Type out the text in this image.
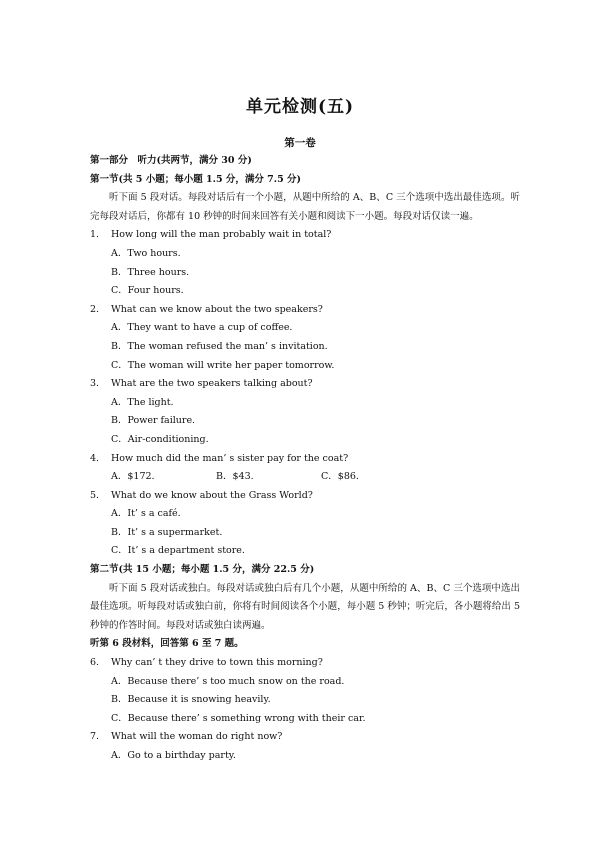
单元检测(五)
第一卷
第一部分　听力(共两节，满分 30 分)
第一节(共 5 小题；每小题 1.5 分，满分 7.5 分)
听下面 5 段对话。每段对话后有一个小题，从题中所给的 A、B、C 三个选项中选出最佳选项。听完每段对话后，你都有 10 秒钟的时间来回答有关小题和阅读下一小题。每段对话仅读一遍。
1.	How long will the man probably wait in total?
A．Two hours.
B．Three hours.
C．Four hours.
2.	What can we know about the two speakers?
A．They want to have a cup of coffee.
B．The woman refused the man’ s invitation.
C．The woman will write her paper tomorrow.
3.	What are the two speakers talking about?
A．The light.
B．Power failure.
C．Air-conditioning.
4.	How much did the man’ s sister pay for the coat?
A．$172.	B．$43.	C．$86.
5.	What do we know about the Grass World?
A．It’ s a café.
B．It’ s a supermarket.
C．It’ s a department store.
第二节(共 15 小题；每小题 1.5 分，满分 22.5 分)
听下面 5 段对话或独白。每段对话或独白后有几个小题，从题中所给的 A、B、C 三个选项中选出最佳选项。听每段对话或独白前，你将有时间阅读各个小题，每小题 5 秒钟；听完后，各小题将给出 5 秒钟的作答时间。每段对话或独白读两遍。
听第 6 段材料，回答第 6 至 7 题。
6.	Why can’ t they drive to town this morning?
A．Because there’ s too much snow on the road.
B．Because it is snowing heavily.
C．Because there’ s something wrong with their car.
7.	What will the woman do right now?
A．Go to a birthday party.
